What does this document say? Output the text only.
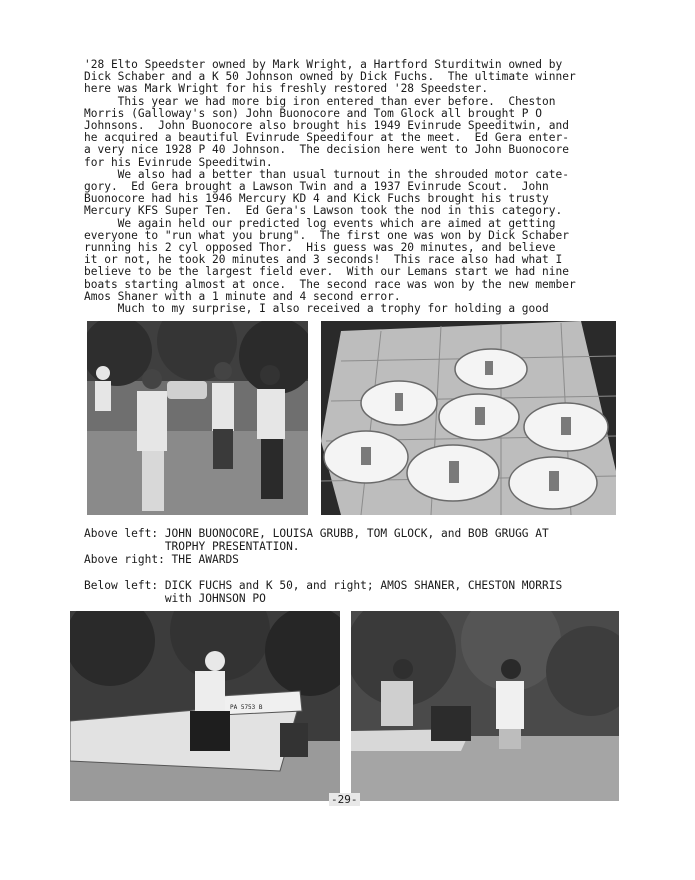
'28 Elto Speedster owned by Mark Wright, a Hartford Sturditwin owned by

Dick Schaber and a K 50 Johnson owned by Dick Fuchs.  The ultimate winner

here was Mark Wright for his freshly restored '28 Speedster.

This year we had more big iron entered than ever before.  Cheston

Morris (Galloway's son) John Buonocore and Tom Glock all brought P O

Johnsons.  John Buonocore also brought his 1949 Evinrude Speeditwin, and

he acquired a beautiful Evinrude Speedifour at the meet.  Ed Gera enter-

a very nice 1928 P 40 Johnson.  The decision here went to John Buonocore

for his Evinrude Speeditwin.

We also had a better than usual turnout in the shrouded motor cate-

gory.  Ed Gera brought a Lawson Twin and a 1937 Evinrude Scout.  John

Buonocore had his 1946 Mercury KD 4 and Kick Fuchs brought his trusty

Mercury KFS Super Ten.  Ed Gera's Lawson took the nod in this category.

We again held our predicted log events which are aimed at getting

everyone to "run what you brung".  The first one was won by Dick Schaber

running his 2 cyl opposed Thor.  His guess was 20 minutes, and believe

it or not, he took 20 minutes and 3 seconds!  This race also had what I

believe to be the largest field ever.  With our Lemans start we had nine

boats starting almost at once.  The second race was won by the new member

Amos Shaner with a 1 minute and 4 second error.

Much to my surprise, I also received a trophy for holding a good

Above left: JOHN BUONOCORE, LOUISA GRUBB, TOM GLOCK, and BOB GRUGG AT
TROPHY PRESENTATION.
Above right: THE AWARDS
Below left: DICK FUCHS and K 50, and right; AMOS SHANER, CHESTON MORRIS
with JOHNSON PO
PA 5753 B
-29-
